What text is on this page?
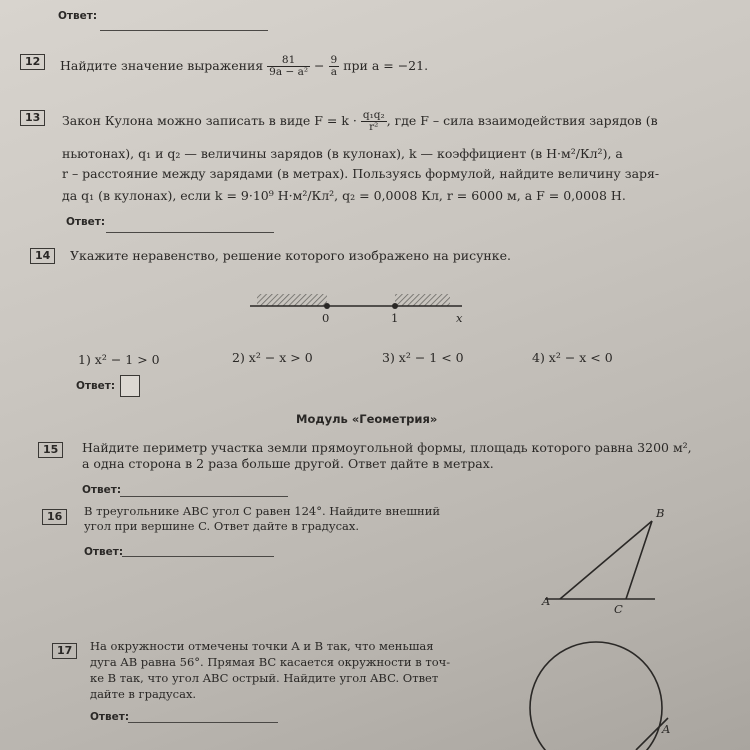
Ответ:
12	Найдите значение выражения $\frac{81}{\text{9a − a²}} - \frac{9}{a}$ при a = −21.
13	Закон Кулона можно записать в виде $F = k \cdot \frac{\text{q₁q₂}}{\text{r²}}$ , где F – сила взаимодействия зарядов (в
ньютонах), q₁ и q₂ — величины зарядов (в кулонах), k — коэффициент (в Н·м²/Кл²), а
r – расстояние между зарядами (в метрах). Пользуясь формулой, найдите величину заря-
да q₁ (в кулонах), если k = 9·10⁹ Н·м²/Кл², q₂ = 0,0008 Кл, r = 6000 м, а F = 0,0008 Н.
Ответ:
14	Укажите неравенство, решение которого изображено на рисунке.
0	1	x
1) x² − 1 > 0	2) x² − x > 0	3) x² − 1 < 0	4) x² − x < 0
Ответ:
Модуль «Геометрия»
15	Найдите периметр участка земли прямоугольной формы, площадь которого равна 3200 м²,
а одна сторона в 2 раза больше другой. Ответ дайте в метрах.
Ответ:
16	В треугольнике ABC угол C равен 124°. Найдите внешний
угол при вершине C. Ответ дайте в градусах.
Ответ:
A
B
C
17	На окружности отмечены точки A и B так, что меньшая
дуга AB равна 56°. Прямая BC касается окружности в точ-
ке B так, что угол ABC острый. Найдите угол ABC. Ответ
дайте в градусах.
Ответ:
A
